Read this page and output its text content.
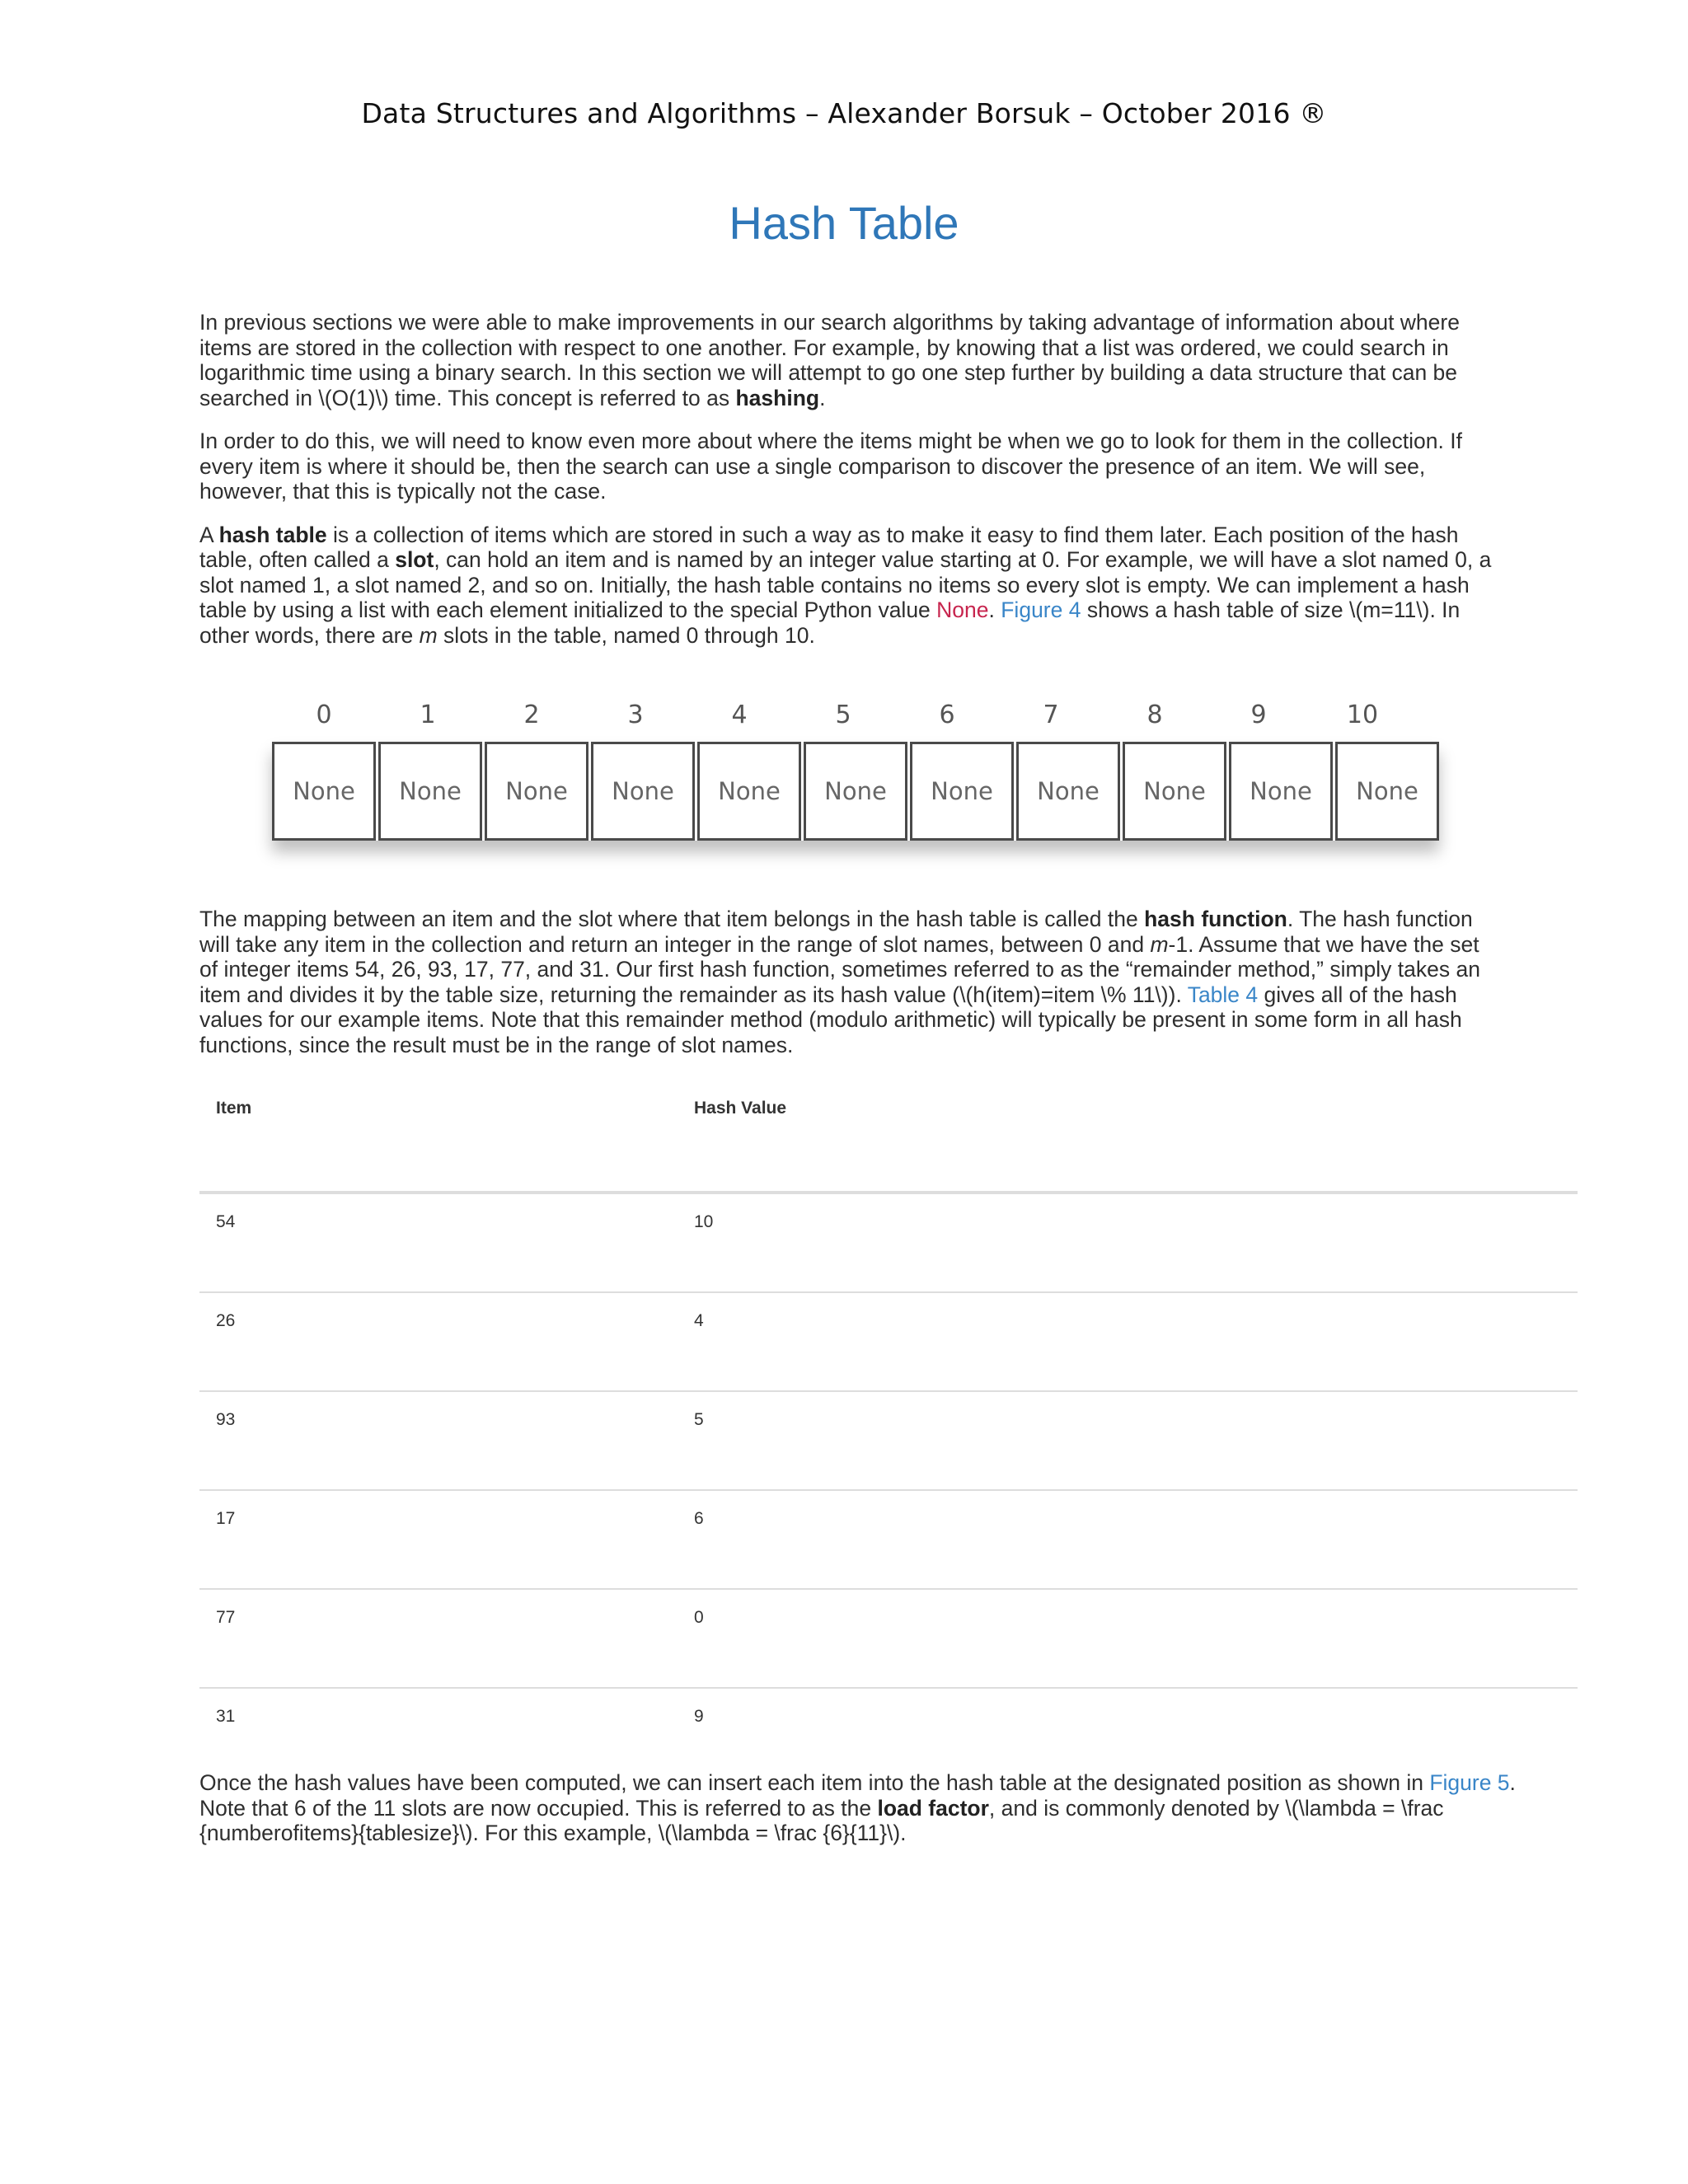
Data Structures and Algorithms – Alexander Borsuk – October 2016 ®
Hash Table

In previous sections we were able to make improvements in our search algorithms by taking advantage of information about where items are stored in the collection with respect to one another. For example, by knowing that a list was ordered, we could search in logarithmic time using a binary search. In this section we will attempt to go one step further by building a data structure that can be searched in \(O(1)\) time. This concept is referred to as hashing.

In order to do this, we will need to know even more about where the items might be when we go to look for them in the collection. If every item is where it should be, then the search can use a single comparison to discover the presence of an item. We will see, however, that this is typically not the case.

A hash table is a collection of items which are stored in such a way as to make it easy to find them later. Each position of the hash table, often called a slot, can hold an item and is named by an integer value starting at 0. For example, we will have a slot named 0, a slot named 1, a slot named 2, and so on. Initially, the hash table contains no items so every slot is empty. We can implement a hash table by using a list with each element initialized to the special Python value None. Figure 4 shows a hash table of size \(m=11\). In other words, there are m slots in the table, named 0 through 10.

0	1	2	3	4	5	6	7	8	9	10
None	None	None	None	None	None	None	None	None	None	None

The mapping between an item and the slot where that item belongs in the hash table is called the hash function. The hash function will take any item in the collection and return an integer in the range of slot names, between 0 and m-1. Assume that we have the set of integer items 54, 26, 93, 17, 77, and 31. Our first hash function, sometimes referred to as the “remainder method,” simply takes an item and divides it by the table size, returning the remainder as its hash value (\(h(item)=item \% 11\)). Table 4 gives all of the hash values for our example items. Note that this remainder method (modulo arithmetic) will typically be present in some form in all hash functions, since the result must be in the range of slot names.

Item	Hash Value
54	10
26	4
93	5
17	6
77	0
31	9

Once the hash values have been computed, we can insert each item into the hash table at the designated position as shown in Figure 5. Note that 6 of the 11 slots are now occupied. This is referred to as the load factor, and is commonly denoted by \(\lambda = \frac {numberofitems}{tablesize}\). For this example, \(\lambda = \frac {6}{11}\).
